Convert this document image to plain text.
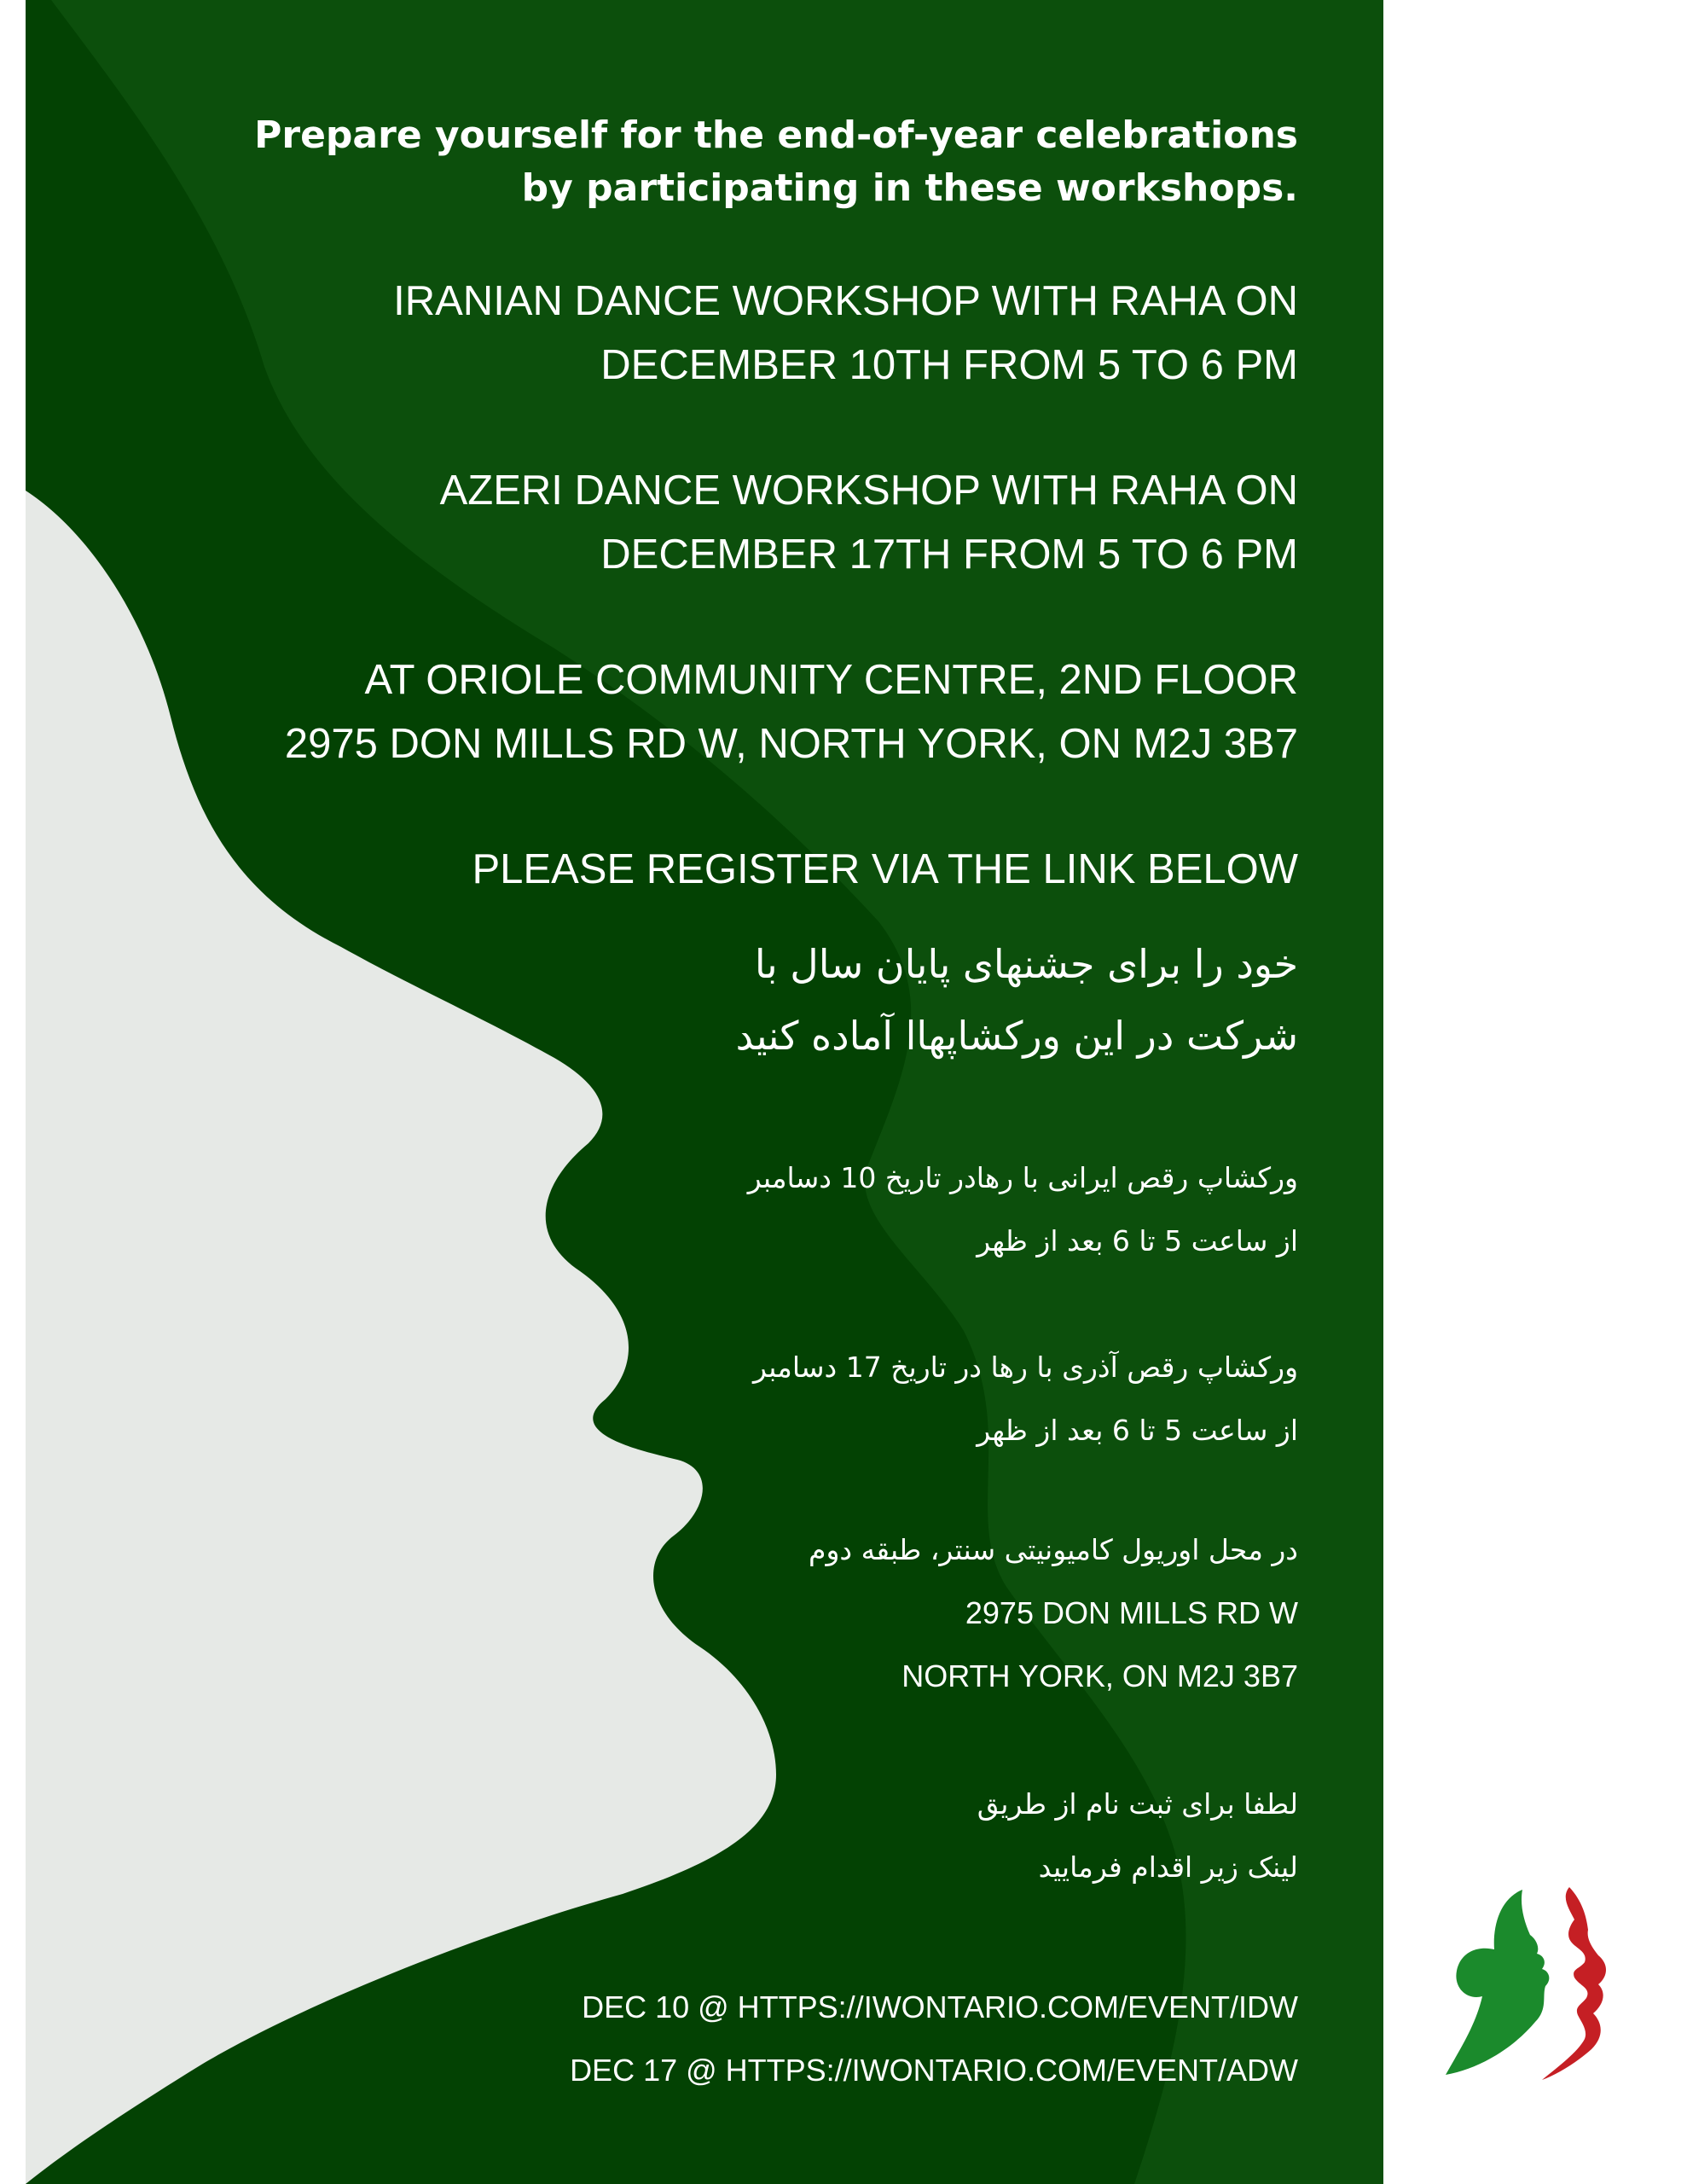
Prepare yourself for the end-of-year celebrations
by participating in these workshops.
IRANIAN DANCE WORKSHOP WITH RAHA ON
DECEMBER 10TH FROM 5 TO 6 PM
AZERI DANCE WORKSHOP WITH RAHA ON
DECEMBER 17TH FROM 5 TO 6 PM
AT ORIOLE COMMUNITY CENTRE, 2ND FLOOR
2975 DON MILLS RD W, NORTH YORK, ON M2J 3B7
PLEASE REGISTER VIA THE LINK BELOW
خود را برای جشنهای پایان سال با
شرکت در این ورکشاپهاا آماده کنید
ورکشاپ رقص ایرانی با رهادر تاریخ 10 دسامبر
از ساعت 5 تا 6 بعد از ظهر
ورکشاپ رقص آذری با رها در تاریخ 17 دسامبر
از ساعت 5 تا 6 بعد از ظهر
در محل اوریول کامیونیتی سنتر، طبقه دوم
2975 DON MILLS RD W
NORTH YORK, ON M2J 3B7
لطفا برای ثبت نام از طریق
لینک زیر اقدام فرمایید
DEC 10 @ HTTPS://IWONTARIO.COM/EVENT/IDW
DEC 17 @ HTTPS://IWONTARIO.COM/EVENT/ADW
